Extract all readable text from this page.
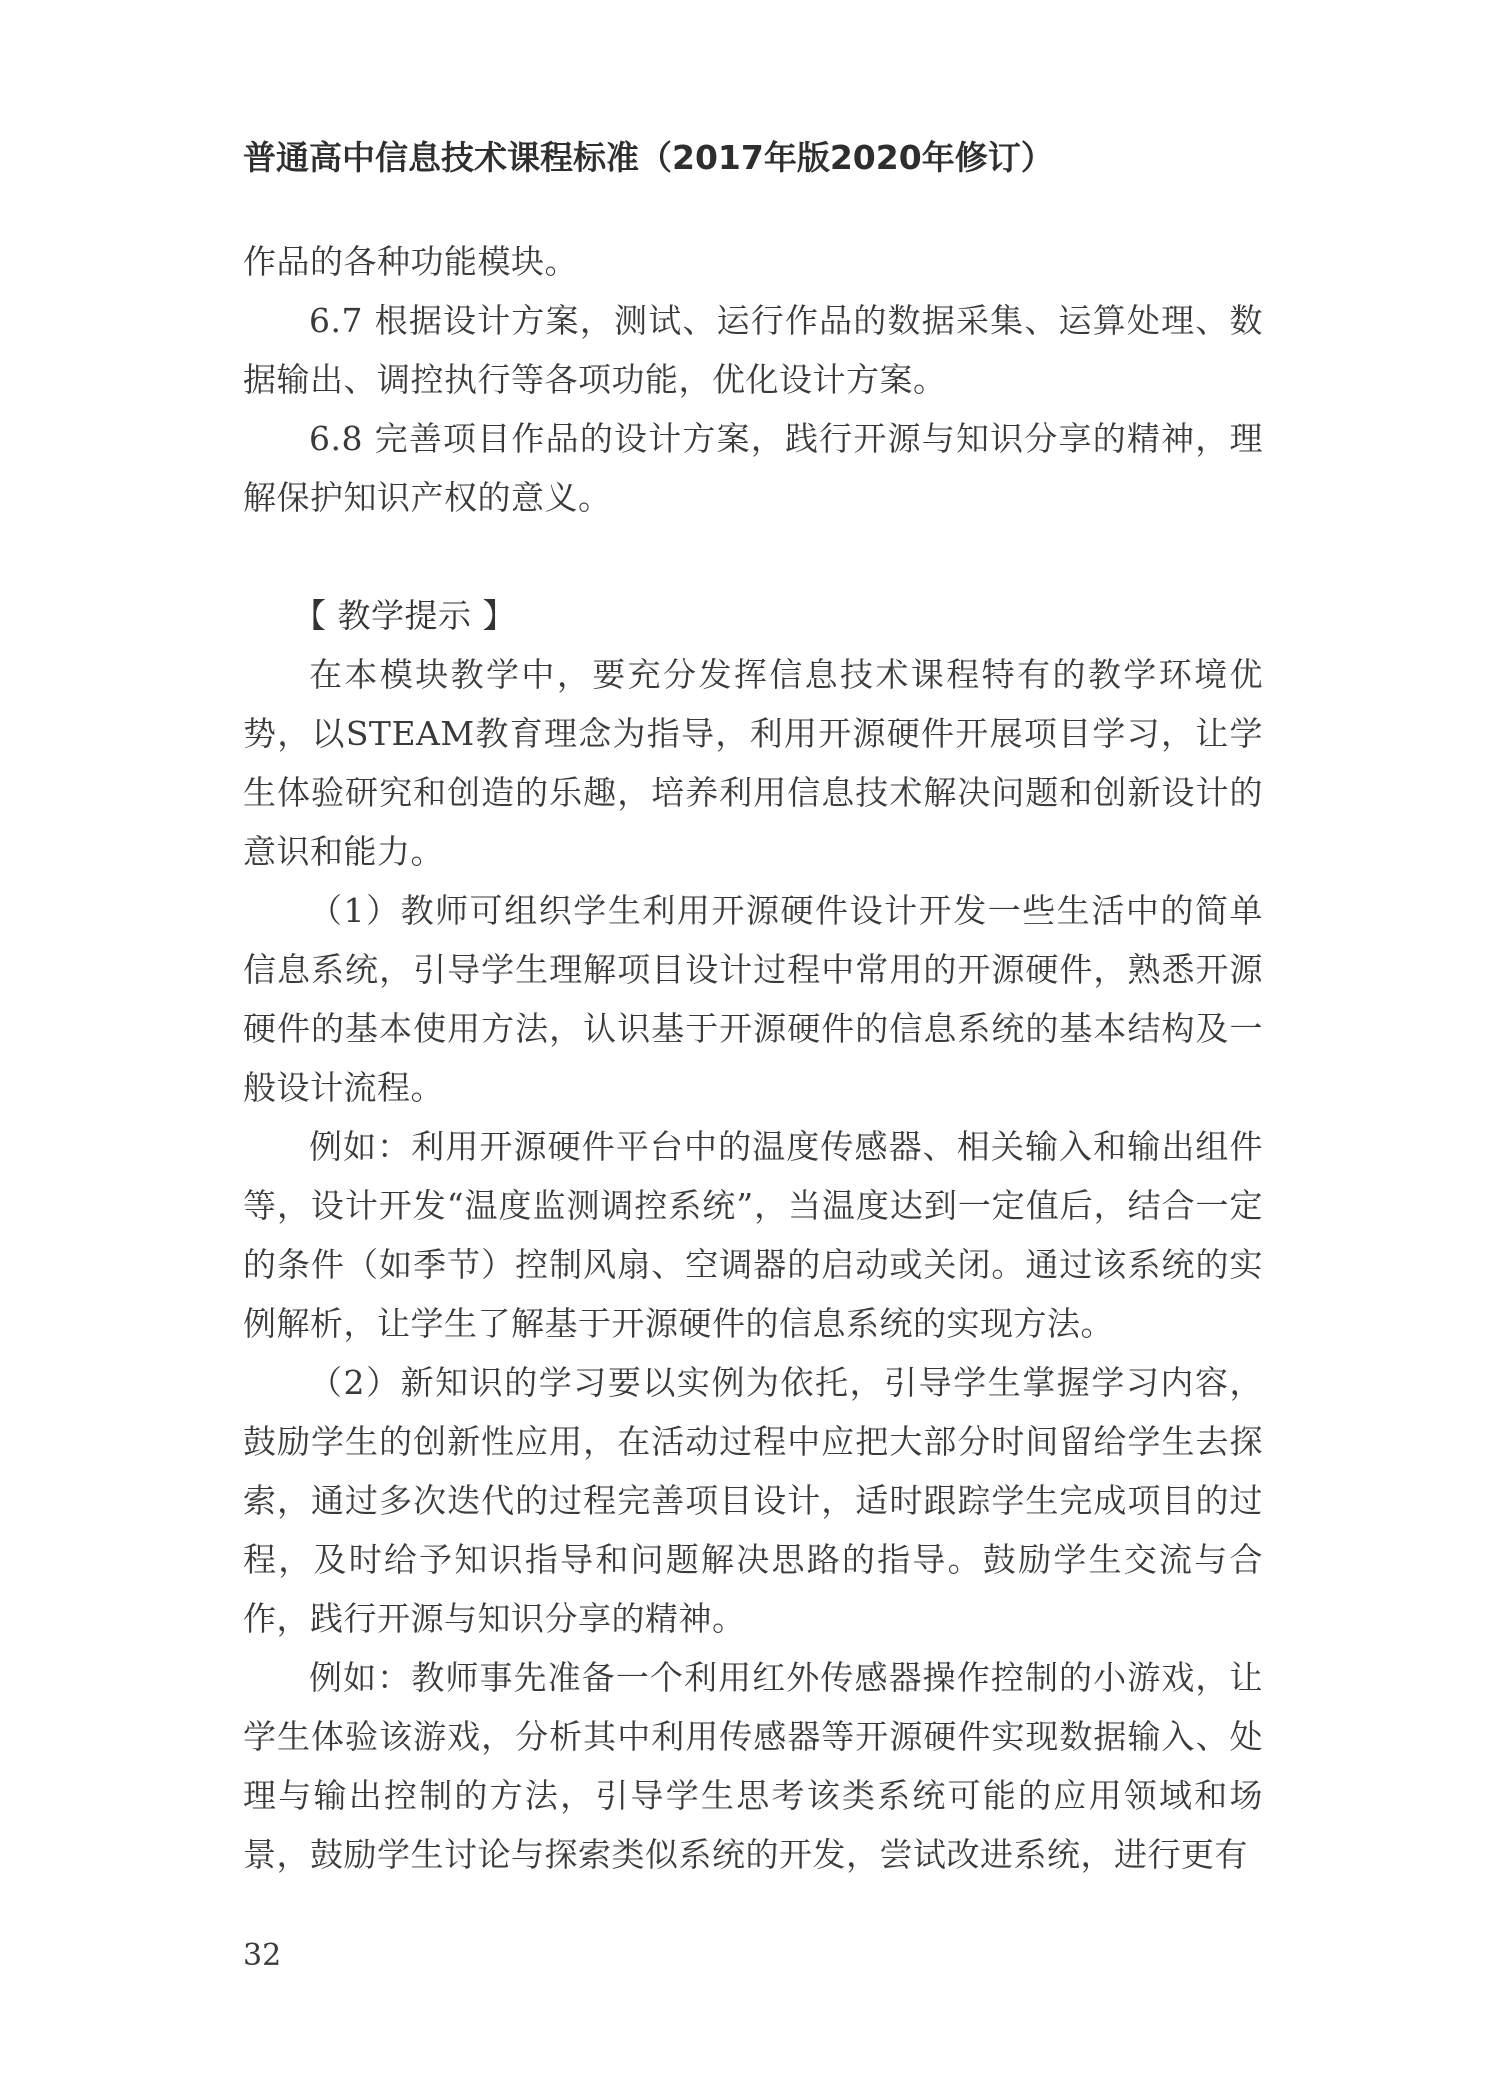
普通高中信息技术课程标准（2017年版2020年修订）

作品的各种功能模块。

6.7 根据设计方案，测试、运行作品的数据采集、运算处理、数据输出、调控执行等各项功能，优化设计方案。

6.8 完善项目作品的设计方案，践行开源与知识分享的精神，理解保护知识产权的意义。

【 教学提示 】

在本模块教学中，要充分发挥信息技术课程特有的教学环境优势，以STEAM教育理念为指导，利用开源硬件开展项目学习，让学生体验研究和创造的乐趣，培养利用信息技术解决问题和创新设计的意识和能力。

（1）教师可组织学生利用开源硬件设计开发一些生活中的简单信息系统，引导学生理解项目设计过程中常用的开源硬件，熟悉开源硬件的基本使用方法，认识基于开源硬件的信息系统的基本结构及一般设计流程。

例如：利用开源硬件平台中的温度传感器、相关输入和输出组件等，设计开发“温度监测调控系统”，当温度达到一定值后，结合一定的条件（如季节）控制风扇、空调器的启动或关闭。通过该系统的实例解析，让学生了解基于开源硬件的信息系统的实现方法。

（2）新知识的学习要以实例为依托，引导学生掌握学习内容，鼓励学生的创新性应用，在活动过程中应把大部分时间留给学生去探索，通过多次迭代的过程完善项目设计，适时跟踪学生完成项目的过程，及时给予知识指导和问题解决思路的指导。鼓励学生交流与合作，践行开源与知识分享的精神。

例如：教师事先准备一个利用红外传感器操作控制的小游戏，让学生体验该游戏，分析其中利用传感器等开源硬件实现数据输入、处理与输出控制的方法，引导学生思考该类系统可能的应用领域和场景，鼓励学生讨论与探索类似系统的开发，尝试改进系统，进行更有

32
